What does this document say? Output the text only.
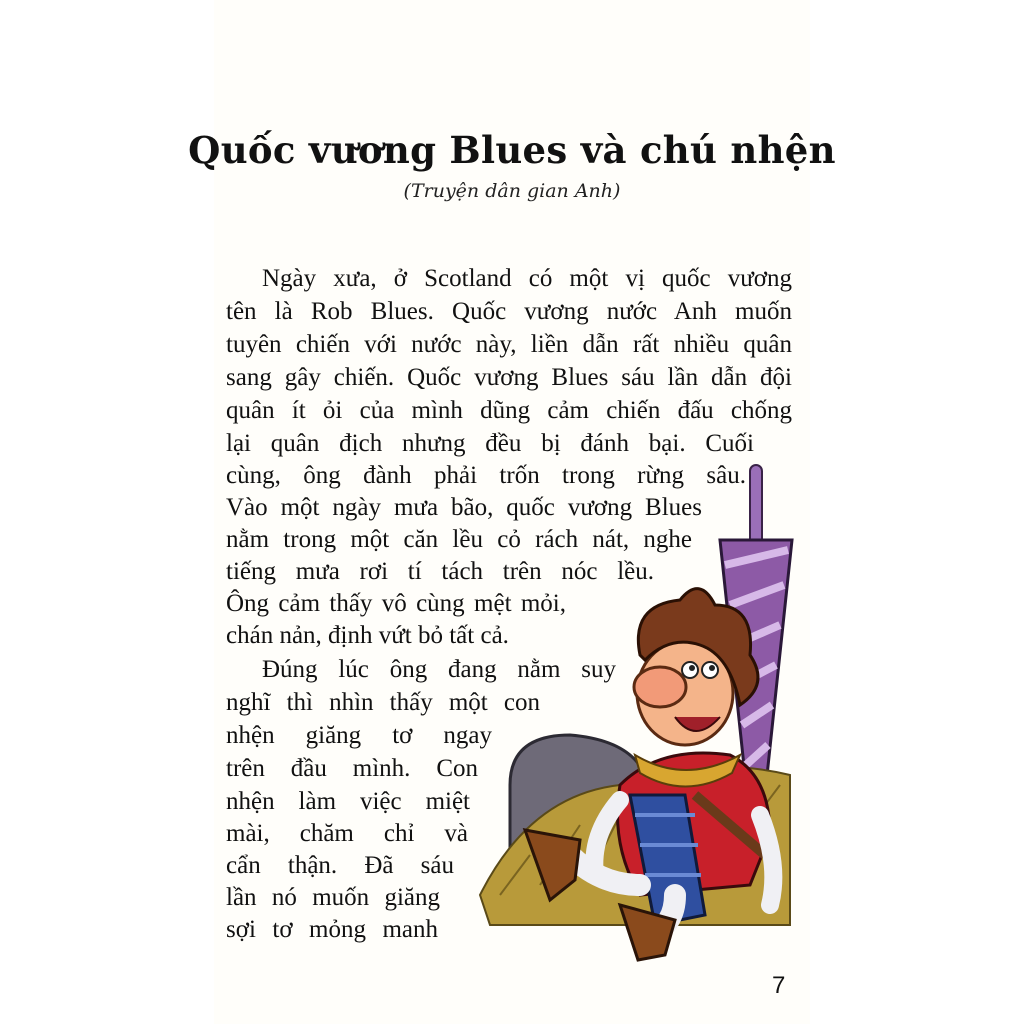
Quốc vương Blues và chú nhện
(Truyện dân gian Anh)
Ngày xưa, ở Scotland có một vị quốc vương
tên là Rob Blues. Quốc vương nước Anh muốn
tuyên chiến với nước này, liền dẫn rất nhiều quân
sang gây chiến. Quốc vương Blues sáu lần dẫn đội
quân ít ỏi của mình dũng cảm chiến đấu chống
lại quân địch nhưng đều bị đánh bại. Cuối
cùng, ông đành phải trốn trong rừng sâu.
Vào một ngày mưa bão, quốc vương Blues
nằm trong một căn lều cỏ rách nát, nghe
tiếng mưa rơi tí tách trên nóc lều.
Ông cảm thấy vô cùng mệt mỏi,
chán nản, định vứt bỏ tất cả.
Đúng lúc ông đang nằm suy
nghĩ thì nhìn thấy một con
nhện giăng tơ ngay
trên đầu mình. Con
nhện làm việc miệt
mài, chăm chỉ và
cẩn thận. Đã sáu
lần nó muốn giăng
sợi tơ mỏng manh
7
